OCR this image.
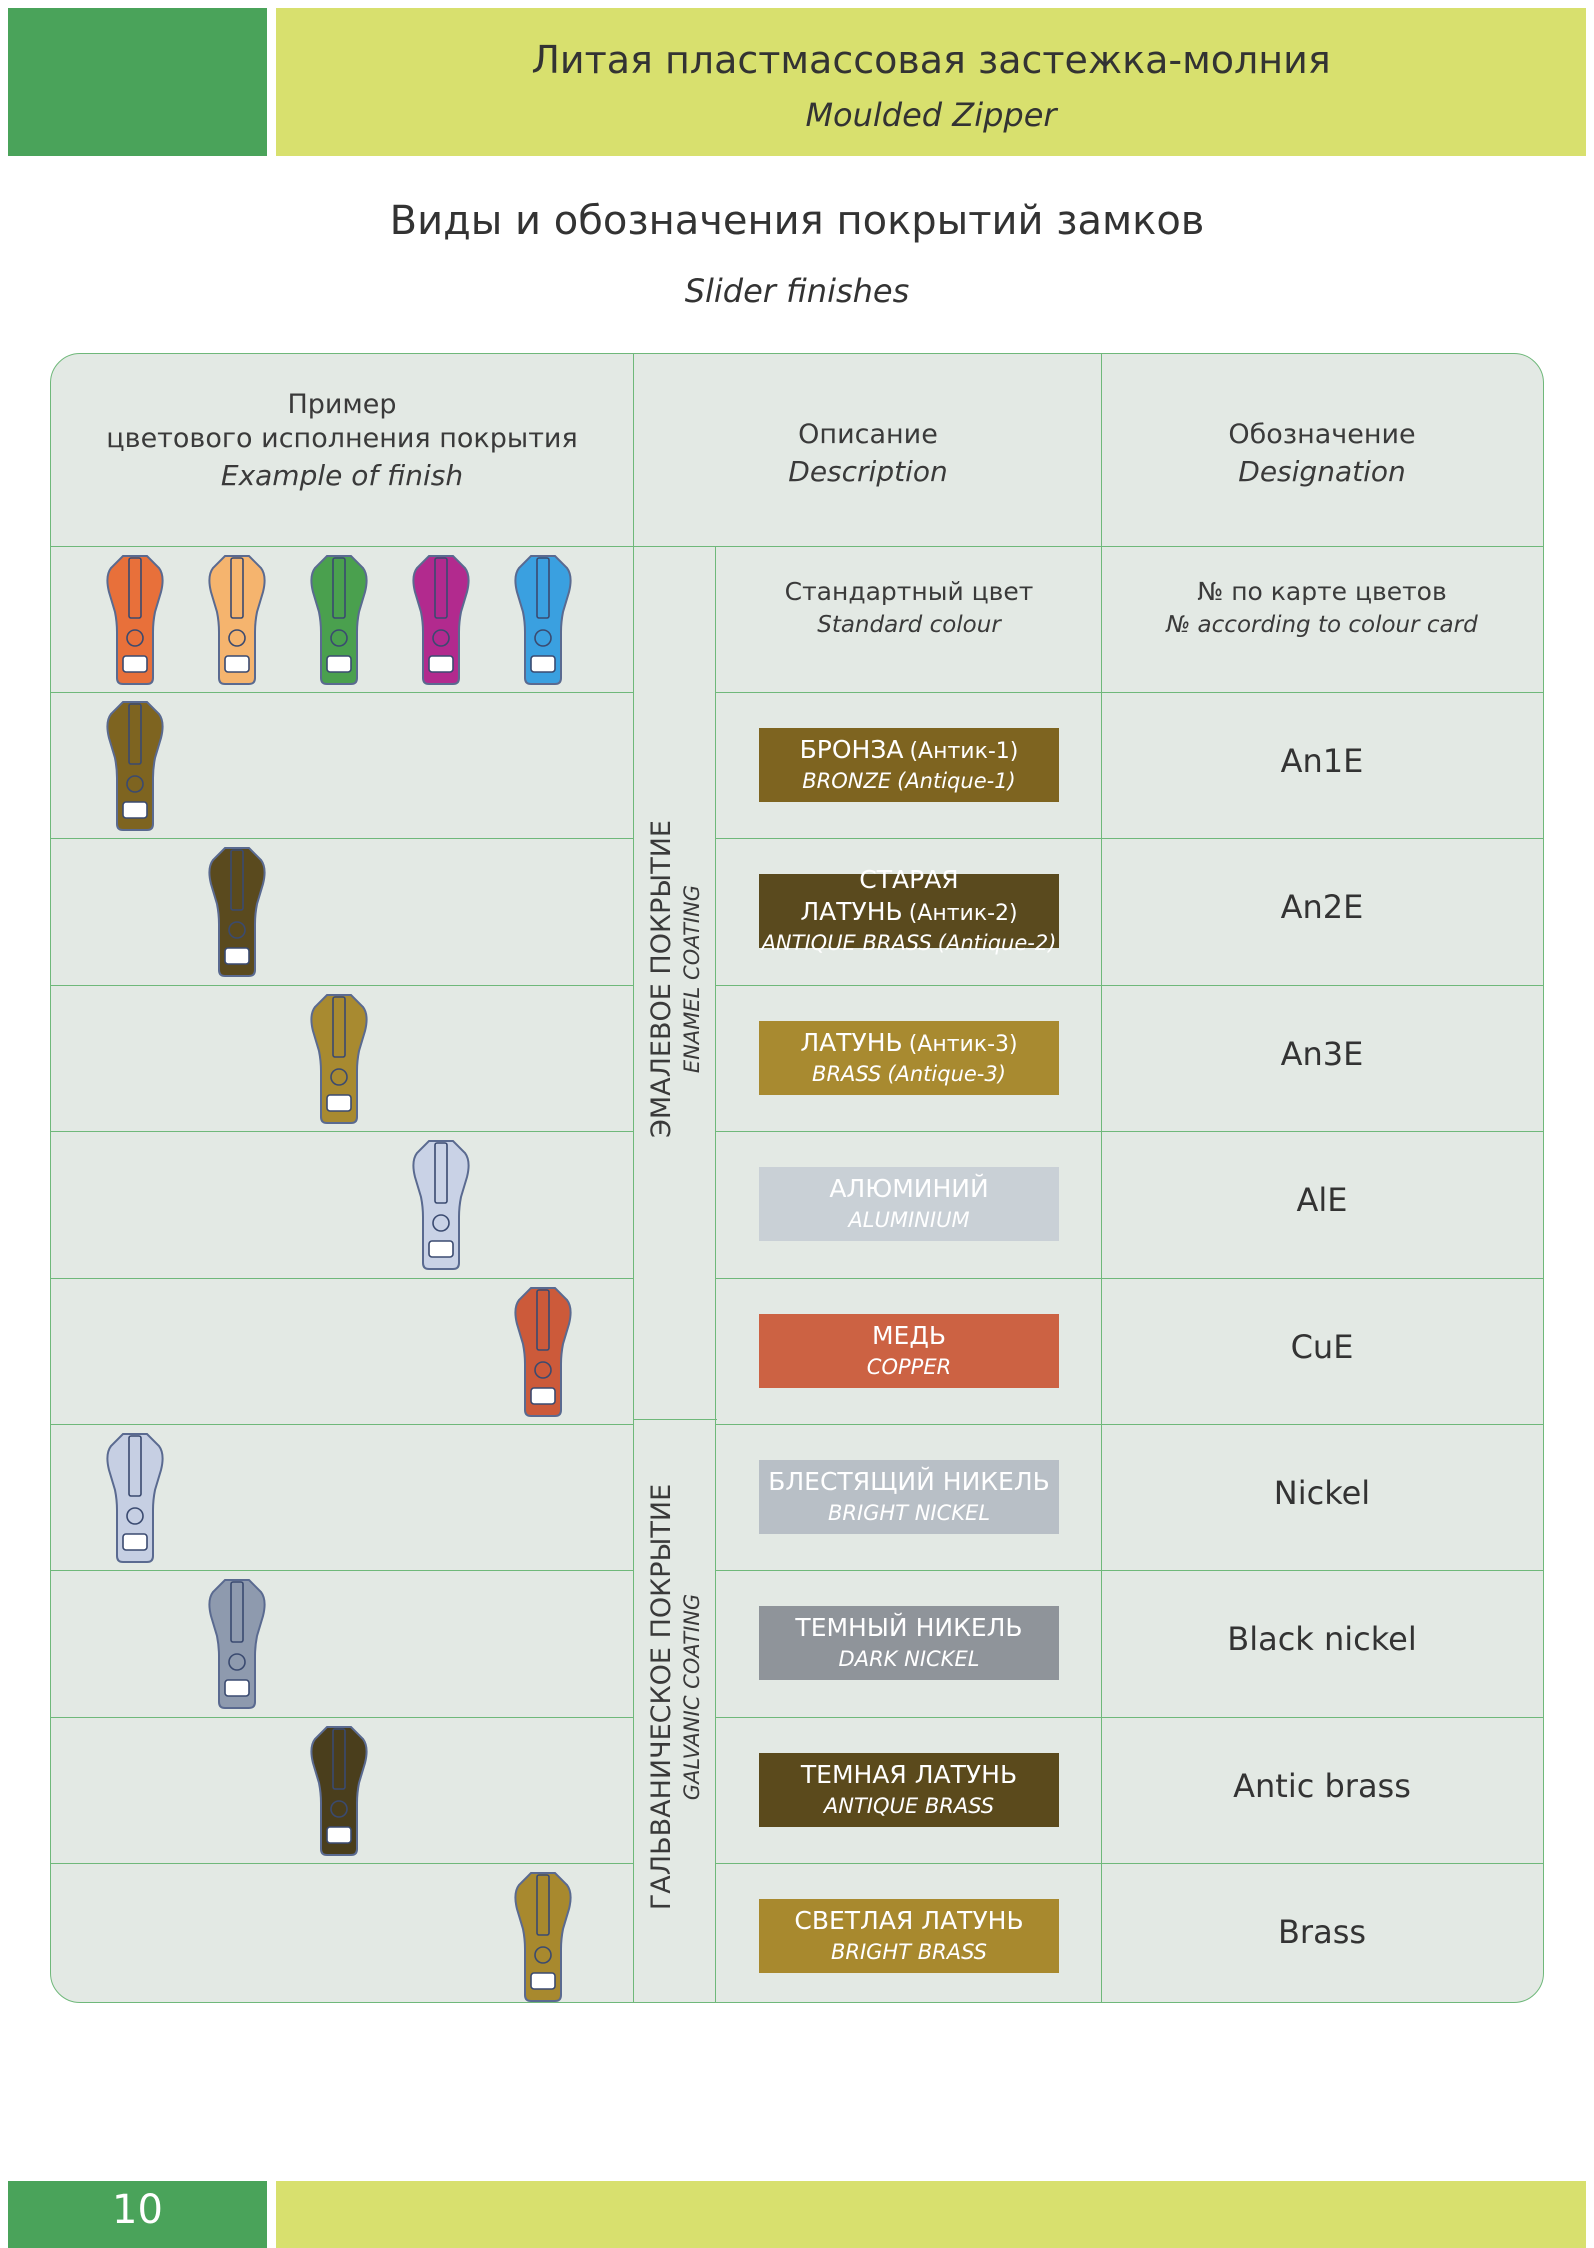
Литая пластмассовая застежка-молния
Moulded Zipper
Виды и обозначения покрытий замков
Slider finishes
Пример
цветового исполнения покрытия
Example of finish
Описание
Description
Обозначение
Designation
Стандартный цвет
Standard colour
№ по карте цветов
№ according to colour card
ЭМАЛЕВОЕ ПОКРЫТИЕ ENAMEL COATING
ГАЛЬВАНИЧЕСКОЕ ПОКРЫТИЕ GALVANIC COATING
БРОНЗА (Антик-1)
BRONZE (Antique-1)
An1E
СТАРАЯ ЛАТУНЬ (Антик-2)
ANTIQUE BRASS (Antique-2)
An2E
ЛАТУНЬ (Антик-3)
BRASS (Antique-3)
An3E
АЛЮМИНИЙ
ALUMINIUM
AlE
МЕДЬ
COPPER
CuE
БЛЕСТЯЩИЙ НИКЕЛЬ
BRIGHT NICKEL
Nickel
ТЕМНЫЙ НИКЕЛЬ
DARK NICKEL
Black nickel
ТЕМНАЯ ЛАТУНЬ
ANTIQUE BRASS
Antic brass
СВЕТЛАЯ ЛАТУНЬ
BRIGHT BRASS
Brass
10
